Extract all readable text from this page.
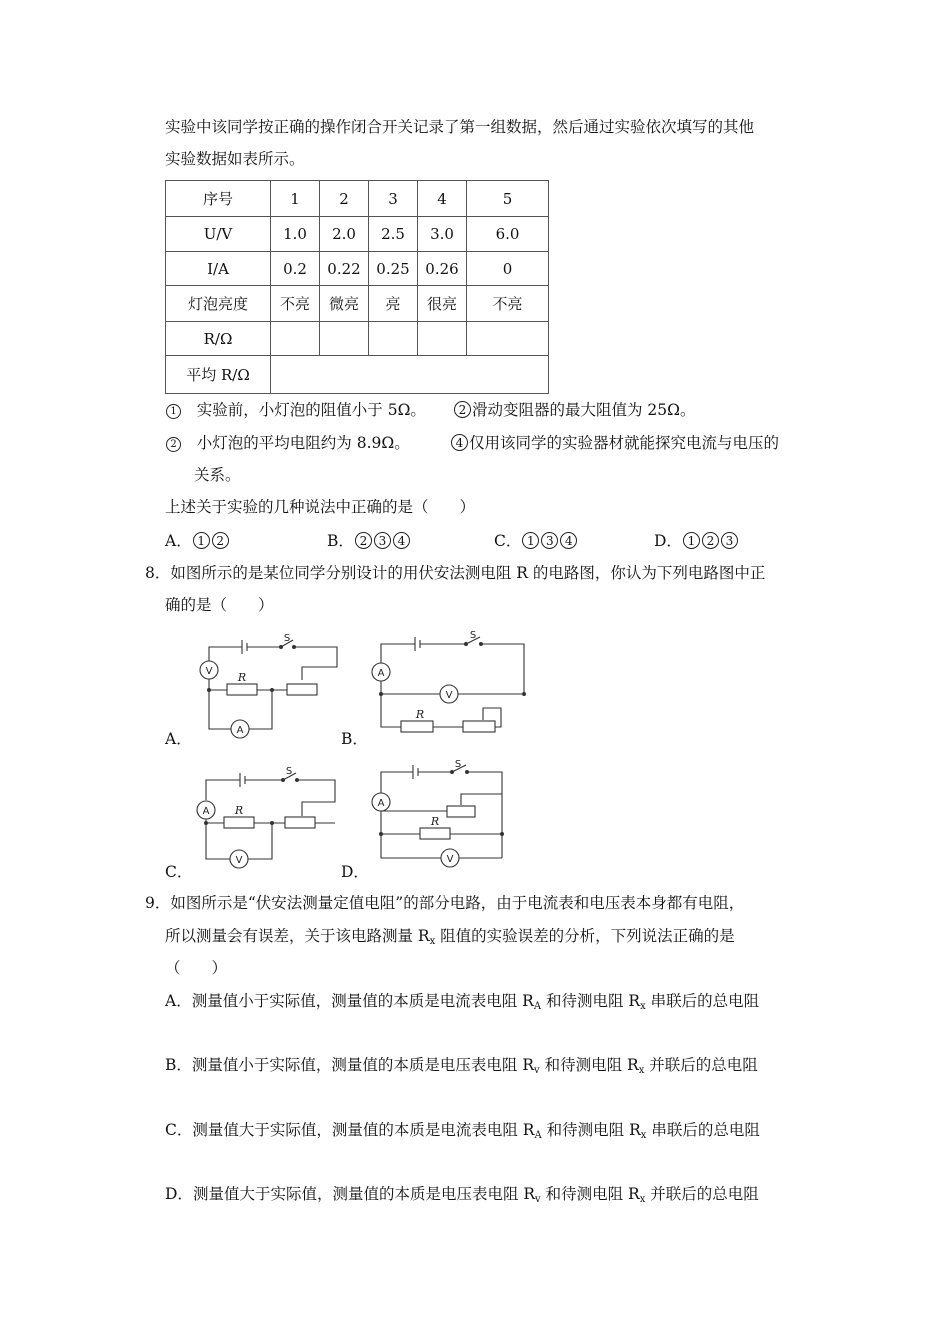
实验中该同学按正确的操作闭合开关记录了第一组数据，然后通过实验依次填写的其他
实验数据如表所示。
序号	1	2	3	4	5
U/V	1.0	2.0	2.5	3.0	6.0
I/A	0.2	0.22	0.25	0.26	0
灯泡亮度	不亮	微亮	亮	很亮	不亮
R/Ω					
平均 R/Ω					
1 实验前，小灯泡的阻值小于 5Ω。	2 滑动变阻器的最大阻值为 25Ω。
2 小灯泡的平均电阻约为 8.9Ω。	4 仅用该同学的实验器材就能探究电流与电压的
关系。
上述关于实验的几种说法中正确的是（　　）
A． 1 2	B． 2 3 4	C． 1 3 4	D． 1 2 3
8．如图所示的是某位同学分别设计的用伏安法测电阻 R 的电路图，你认为下列电路图中正
确的是（　　）
A．
V
A
R
S
B．
A
V
R
S
C．
A
V
R
S
D．
A
V
R
S
9．如图所示是“伏安法测量定值电阻”的部分电路，由于电流表和电压表本身都有电阻，
所以测量会有误差，关于该电路测量 $R_x$ 阻值的实验误差的分析，下列说法正确的是
（　　）
A．测量值小于实际值，测量值的本质是电流表电阻 $R_A$ 和待测电阻 $R_x$ 串联后的总电阻
B．测量值小于实际值，测量值的本质是电压表电阻 $R_v$ 和待测电阻 $R_x$ 并联后的总电阻
C．测量值大于实际值，测量值的本质是电流表电阻 $R_A$ 和待测电阻 $R_x$ 串联后的总电阻
D．测量值大于实际值，测量值的本质是电压表电阻 $R_v$ 和待测电阻 $R_x$ 并联后的总电阻
